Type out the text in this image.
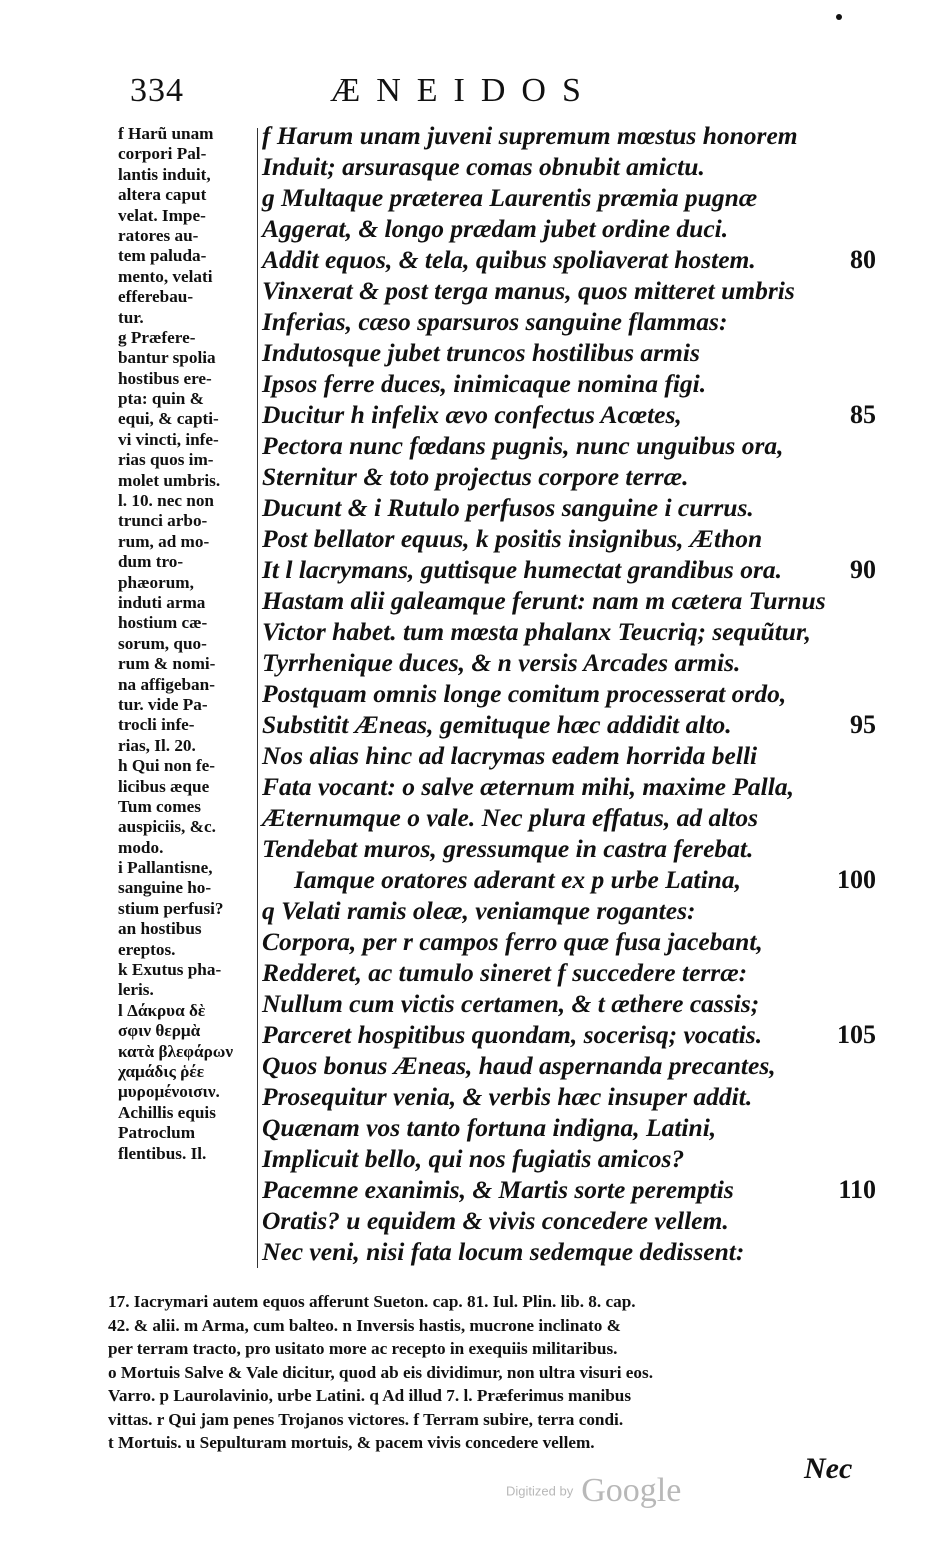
334	ÆNEIDOS
f Harũ unam
corpori Pal-
lantis induit,
altera caput
velat. Impe-
ratores au-
tem paluda-
mento, velati
efferebau-
tur.
g Præfere-
bantur spolia
hostibus ere-
pta: quin &
equi, & capti-
vi vincti, infe-
rias quos im-
molet umbris.
l. 10. nec non
trunci arbo-
rum, ad mo-
dum tro-
phæorum,
induti arma
hostium cæ-
sorum, quo-
rum & nomi-
na affigeban-
tur. vide Pa-
trocli infe-
rias, Il. 20.
h Qui non fe-
licibus æque
Tum comes
auspiciis, &c.
modo.
i Pallantisne,
sanguine ho-
stium perfusi?
an hostibus
ereptos.
k Exutus pha-
leris.
l Δάκρυα δὲ
σφιν θερμὰ
κατὰ βλεφάρων
χαμάδις ῥέε
μυρομένοισιν.
Achillis equis
Patroclum
flentibus. Il.
f Harum unam juveni supremum mœstus honorem
Induit; arsurasque comas obnubit amictu.
g Multaque præterea Laurentis præmia pugnæ
Aggerat, & longo prædam jubet ordine duci.
Addit equos, & tela, quibus spoliaverat hostem.	80
Vinxerat & post terga manus, quos mitteret umbris
Inferias, cæso sparsuros sanguine flammas:
Indutosque jubet truncos hostilibus armis
Ipsos ferre duces, inimicaque nomina figi.
Ducitur h infelix ævo confectus Acœtes,	85
Pectora nunc fœdans pugnis, nunc unguibus ora,
Sternitur & toto projectus corpore terræ.
Ducunt & i Rutulo perfusos sanguine i currus.
Post bellator equus, k positis insignibus, Æthon
It l lacrymans, guttisque humectat grandibus ora.	90
Hastam alii galeamque ferunt: nam m cætera Turnus
Victor habet. tum mœsta phalanx Teucriq; sequũtur,
Tyrrhenique duces, & n versis Arcades armis.
Postquam omnis longe comitum processerat ordo,
Substitit Æneas, gemituque hæc addidit alto.	95
Nos alias hinc ad lacrymas eadem horrida belli
Fata vocant: o salve æternum mihi, maxime Palla,
Æternumque o vale. Nec plura effatus, ad altos
Tendebat muros, gressumque in castra ferebat.
Iamque oratores aderant ex p urbe Latina,	100
q Velati ramis oleæ, veniamque rogantes:
Corpora, per r campos ferro quæ fusa jacebant,
Redderet, ac tumulo sineret f succedere terræ:
Nullum cum victis certamen, & t æthere cassis;
Parceret hospitibus quondam, socerisq; vocatis.	105
Quos bonus Æneas, haud aspernanda precantes,
Prosequitur venia, & verbis hæc insuper addit.
Quænam vos tanto fortuna indigna, Latini,
Implicuit bello, qui nos fugiatis amicos?
Pacemne exanimis, & Martis sorte peremptis	110
Oratis? u equidem & vivis concedere vellem.
Nec veni, nisi fata locum sedemque dedissent:
17. Iacrymari autem equos afferunt Sueton. cap. 81. Iul. Plin. lib. 8. cap.
42. & alii. m Arma, cum balteo. n Inversis hastis, mucrone inclinato &
per terram tracto, pro usitato more ac recepto in exequiis militaribus.
o Mortuis Salve & Vale dicitur, quod ab eis dividimur, non ultra visuri eos.
Varro. p Laurolavinio, urbe Latini. q Ad illud 7. l. Præferimus manibus
vittas. r Qui jam penes Trojanos victores. f Terram subire, terra condi.
t Mortuis. u Sepulturam mortuis, & pacem vivis concedere vellem.
Nec
Digitized by Google
